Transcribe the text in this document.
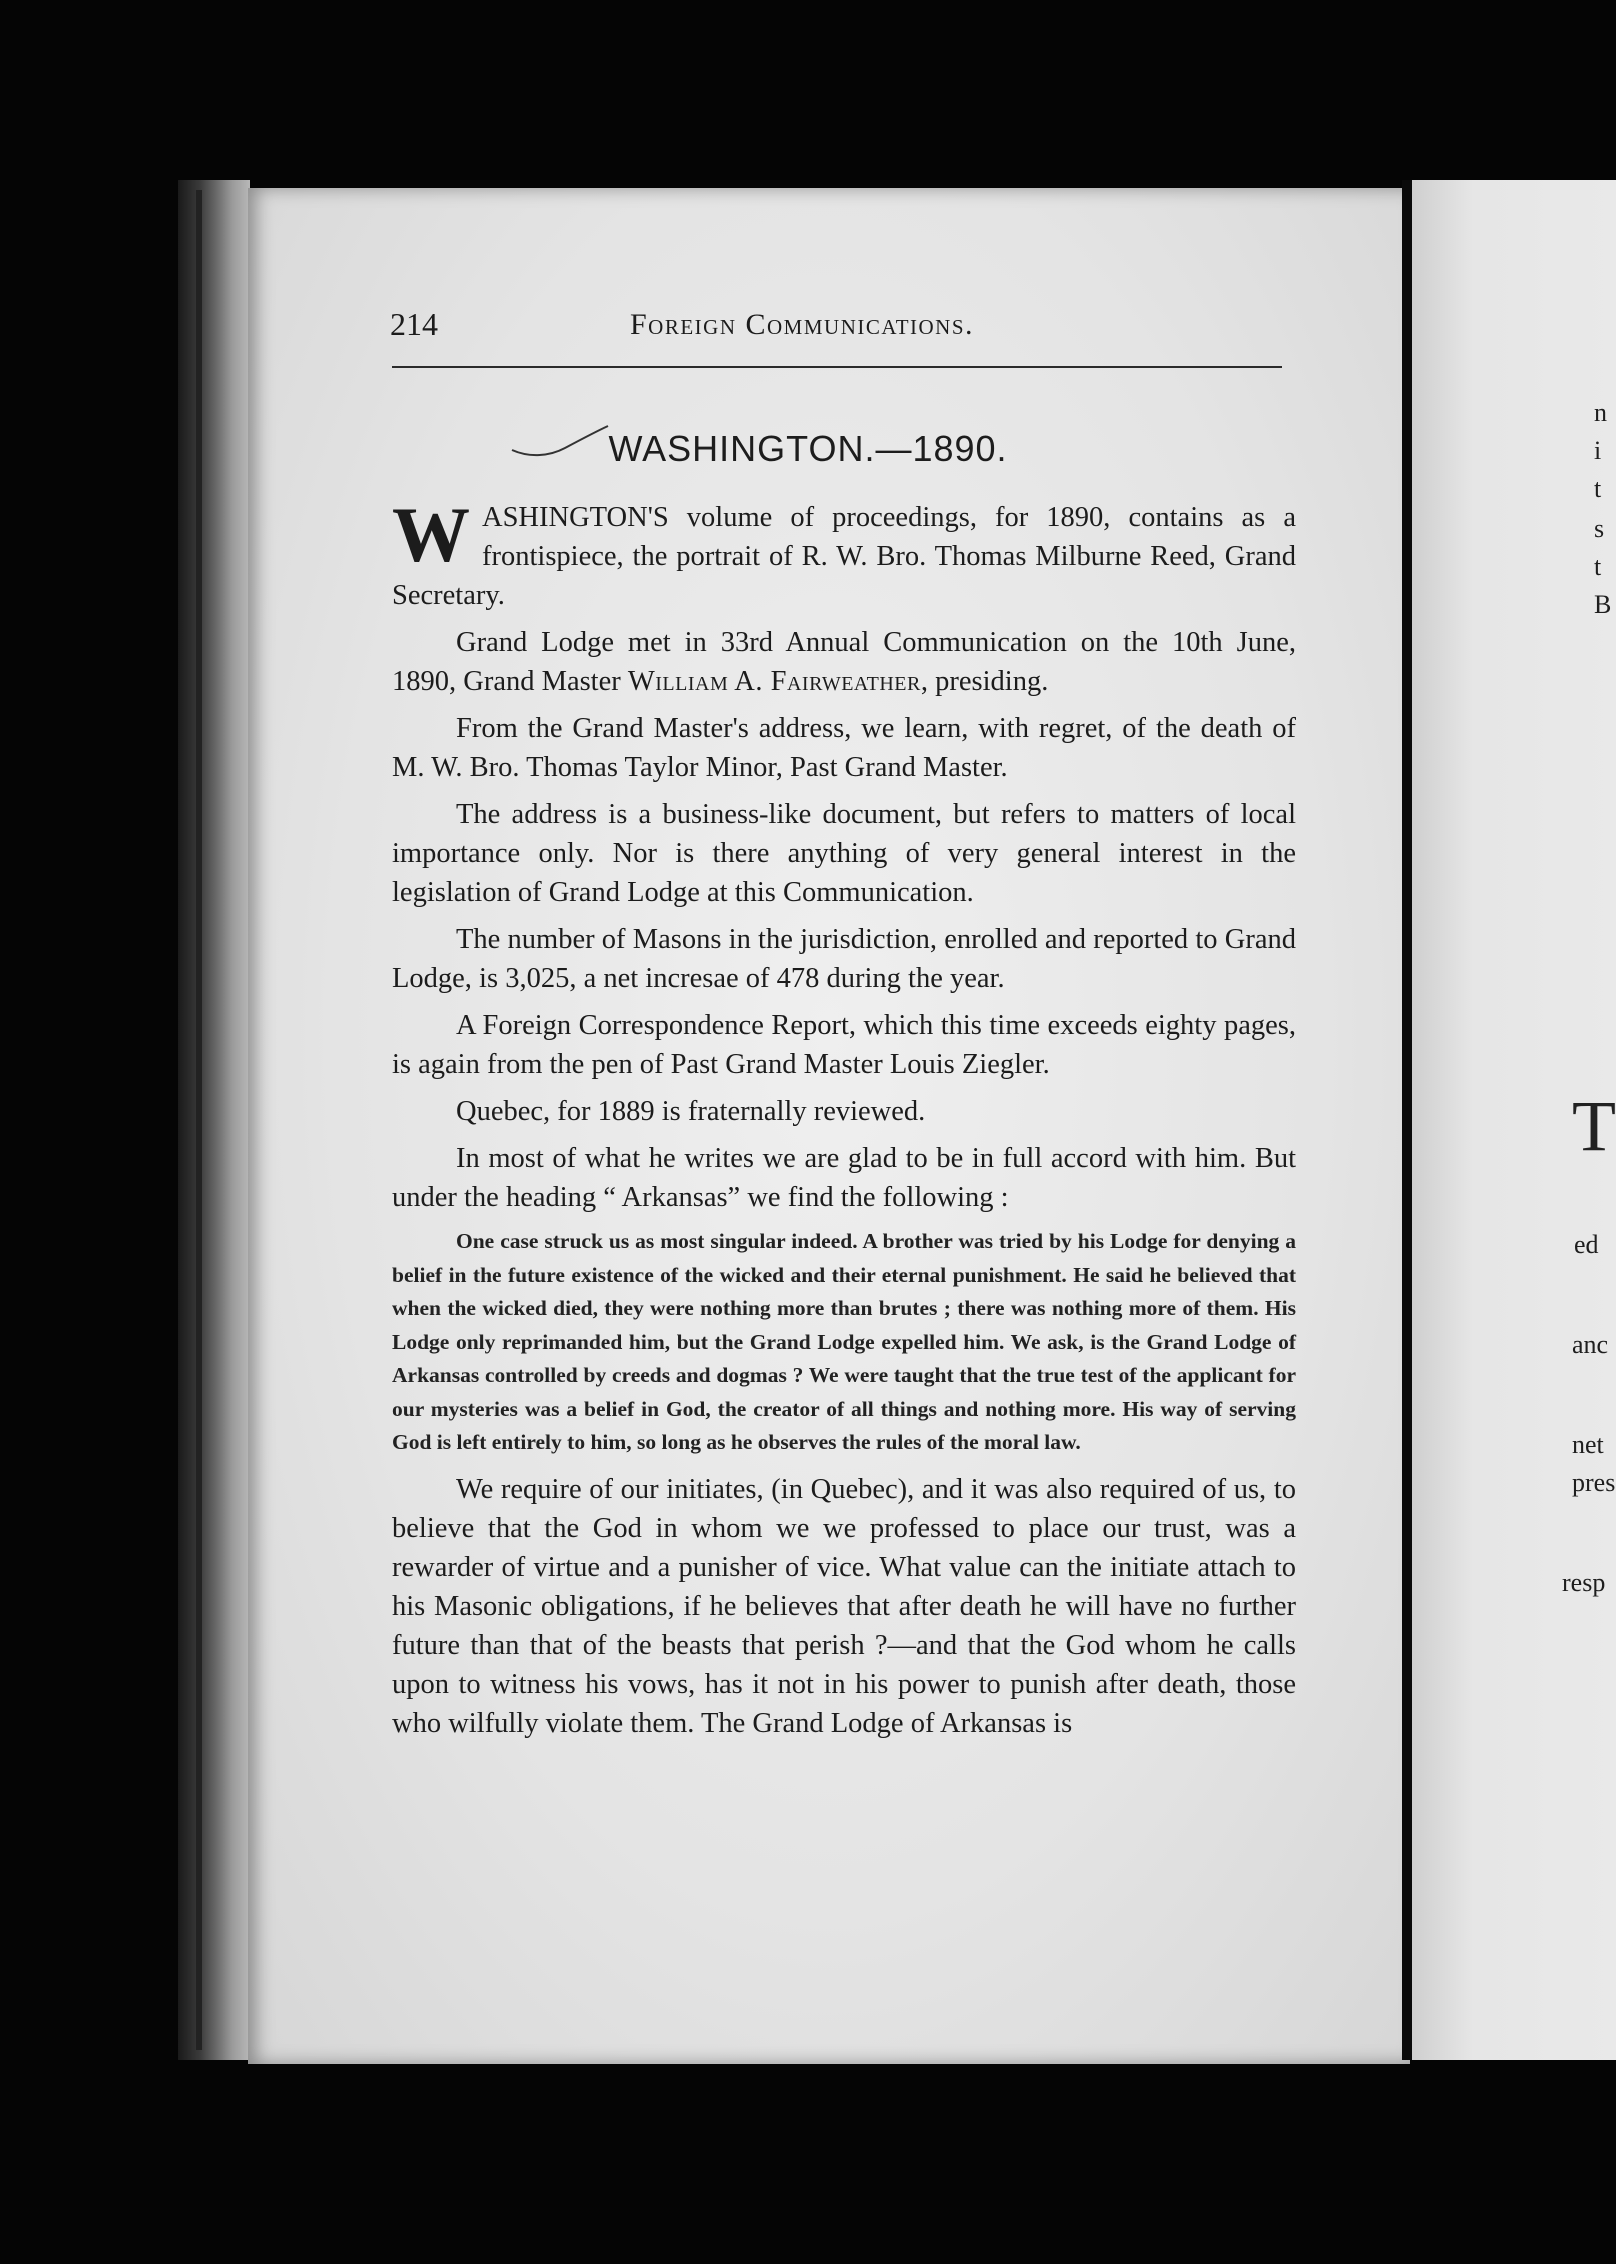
214	Foreign Communications.
WASHINGTON.—1890.

WASHINGTON'S volume of proceedings, for 1890, contains as a frontispiece, the portrait of R. W. Bro. Thomas Milburne Reed, Grand Secretary.

Grand Lodge met in 33rd Annual Communication on the 10th June, 1890, Grand Master William A. Fairweather, presiding.

From the Grand Master's address, we learn, with regret, of the death of M. W. Bro. Thomas Taylor Minor, Past Grand Master.

The address is a business-like document, but refers to matters of local importance only. Nor is there anything of very general interest in the legislation of Grand Lodge at this Communication.

The number of Masons in the jurisdiction, enrolled and reported to Grand Lodge, is 3,025, a net incresae of 478 during the year.

A Foreign Correspondence Report, which this time exceeds eighty pages, is again from the pen of Past Grand Master Louis Ziegler.

Quebec, for 1889 is fraternally reviewed.

In most of what he writes we are glad to be in full accord with him. But under the heading “ Arkansas” we find the following :

One case struck us as most singular indeed. A brother was tried by his Lodge for denying a belief in the future existence of the wicked and their eternal punishment. He said he believed that when the wicked died, they were nothing more than brutes ; there was nothing more of them. His Lodge only reprimanded him, but the Grand Lodge expelled him. We ask, is the Grand Lodge of Arkansas controlled by creeds and dogmas ? We were taught that the true test of the applicant for our mysteries was a belief in God, the creator of all things and nothing more. His way of serving God is left entirely to him, so long as he observes the rules of the moral law.

We require of our initiates, (in Quebec), and it was also required of us, to believe that the God in whom we we professed to place our trust, was a rewarder of virtue and a punisher of vice. What value can the initiate attach to his Masonic obligations, if he believes that after death he will have no further future than that of the beasts that perish ?—and that the God whom he calls upon to witness his vows, has it not in his power to punish after death, those who wilfully violate them. The Grand Lodge of Arkansas is

n
i
t
s
t
B
T
ed
anc
net
pres
resp
